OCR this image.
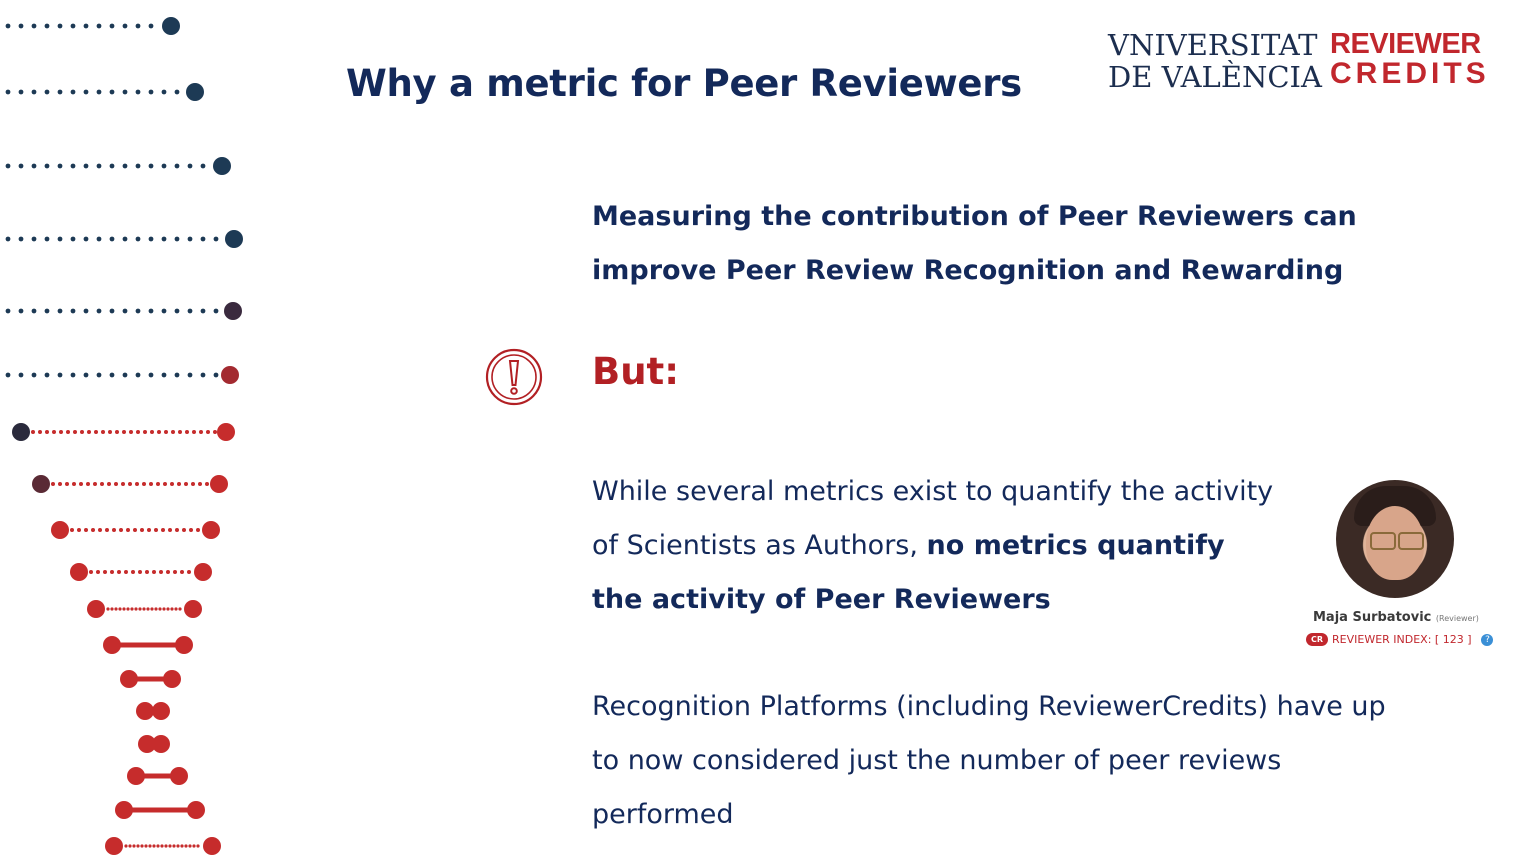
Why a metric for Peer Reviewers
VNIVERSITAT
DE VALÈNCIA
REVIEWER
CREDITS
Measuring the contribution of Peer Reviewers can improve Peer Review Recognition and Rewarding
But:
While several metrics exist to quantify the activity of Scientists as Authors, no metrics quantify the activity of Peer Reviewers
Recognition Platforms (including ReviewerCredits) have up to now considered just the number of peer reviews performed
Maja Surbatovic (Reviewer)
CR REVIEWER INDEX: [ 123 ]	?
